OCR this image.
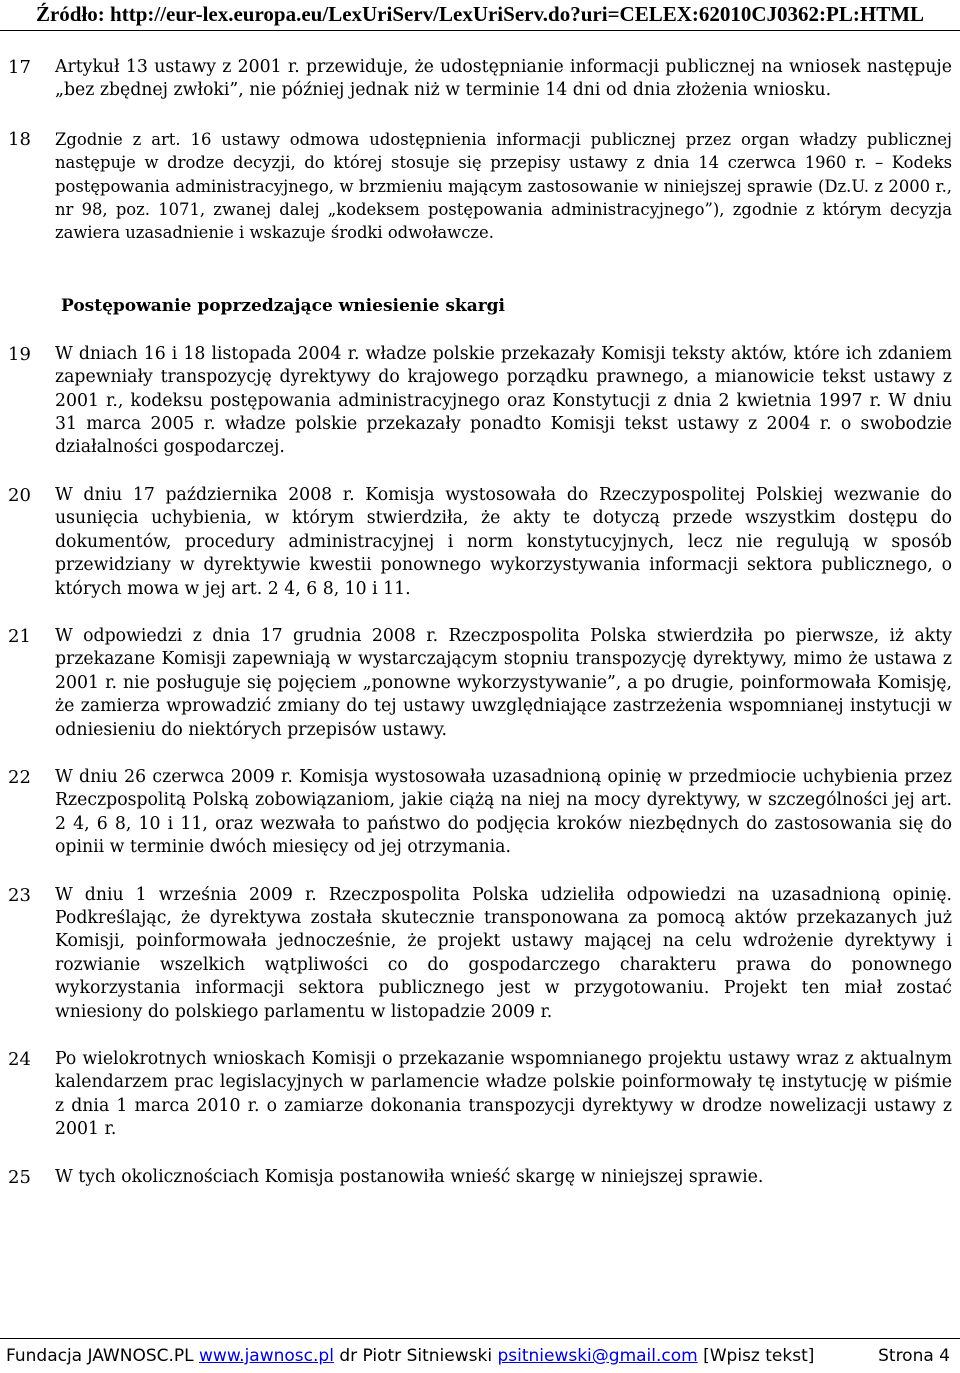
Źródło: http://eur-lex.europa.eu/LexUriServ/LexUriServ.do?uri=CELEX:62010CJ0362:PL:HTML
17	Artykuł 13 ustawy z 2001 r. przewiduje, że udostępnianie informacji publicznej na wniosek następuje „bez zbędnej zwłoki”, nie później jednak niż w terminie 14 dni od dnia złożenia wniosku.
18	Zgodnie z art. 16 ustawy odmowa udostępnienia informacji publicznej przez organ władzy publicznej następuje w drodze decyzji, do której stosuje się przepisy ustawy z dnia 14 czerwca 1960 r. – Kodeks postępowania administracyjnego, w brzmieniu mającym zastosowanie w niniejszej sprawie (Dz.U. z 2000 r., nr 98, poz. 1071, zwanej dalej „kodeksem postępowania administracyjnego”), zgodnie z którym decyzja zawiera uzasadnienie i wskazuje środki odwoławcze.
Postępowanie poprzedzające wniesienie skargi
19	W dniach 16 i 18 listopada 2004 r. władze polskie przekazały Komisji teksty aktów, które ich zdaniem zapewniały transpozycję dyrektywy do krajowego porządku prawnego, a mianowicie tekst ustawy z 2001 r., kodeksu postępowania administracyjnego oraz Konstytucji z dnia 2 kwietnia 1997 r. W dniu 31 marca 2005 r. władze polskie przekazały ponadto Komisji tekst ustawy z 2004 r. o swobodzie działalności gospodarczej.
20	W dniu 17 października 2008 r. Komisja wystosowała do Rzeczypospolitej Polskiej wezwanie do usunięcia uchybienia, w którym stwierdziła, że akty te dotyczą przede wszystkim dostępu do dokumentów, procedury administracyjnej i norm konstytucyjnych, lecz nie regulują w sposób przewidziany w dyrektywie kwestii ponownego wykorzystywania informacji sektora publicznego, o których mowa w jej art. 2 4, 6 8, 10 i 11.
21	W odpowiedzi z dnia 17 grudnia 2008 r. Rzeczpospolita Polska stwierdziła po pierwsze, iż akty przekazane Komisji zapewniają w wystarczającym stopniu transpozycję dyrektywy, mimo że ustawa z 2001 r. nie posługuje się pojęciem „ponowne wykorzystywanie”, a po drugie, poinformowała Komisję, że zamierza wprowadzić zmiany do tej ustawy uwzględniające zastrzeżenia wspomnianej instytucji w odniesieniu do niektórych przepisów ustawy.
22	W dniu 26 czerwca 2009 r. Komisja wystosowała uzasadnioną opinię w przedmiocie uchybienia przez Rzeczpospolitą Polską zobowiązaniom, jakie ciążą na niej na mocy dyrektywy, w szczególności jej art. 2 4, 6 8, 10 i 11, oraz wezwała to państwo do podjęcia kroków niezbędnych do zastosowania się do opinii w terminie dwóch miesięcy od jej otrzymania.
23	W dniu 1 września 2009 r. Rzeczpospolita Polska udzieliła odpowiedzi na uzasadnioną opinię. Podkreślając, że dyrektywa została skutecznie transponowana za pomocą aktów przekazanych już Komisji, poinformowała jednocześnie, że projekt ustawy mającej na celu wdrożenie dyrektywy i rozwianie wszelkich wątpliwości co do gospodarczego charakteru prawa do ponownego wykorzystania informacji sektora publicznego jest w przygotowaniu. Projekt ten miał zostać wniesiony do polskiego parlamentu w listopadzie 2009 r.
24	Po wielokrotnych wnioskach Komisji o przekazanie wspomnianego projektu ustawy wraz z aktualnym kalendarzem prac legislacyjnych w parlamencie władze polskie poinformowały tę instytucję w piśmie z dnia 1 marca 2010 r. o zamiarze dokonania transpozycji dyrektywy w drodze nowelizacji ustawy z 2001 r.
25	W tych okolicznościach Komisja postanowiła wnieść skargę w niniejszej sprawie.
Fundacja JAWNOSC.PL www.jawnosc.pl dr Piotr Sitniewski psitniewski@gmail.com [Wpisz tekst]	Strona 4
